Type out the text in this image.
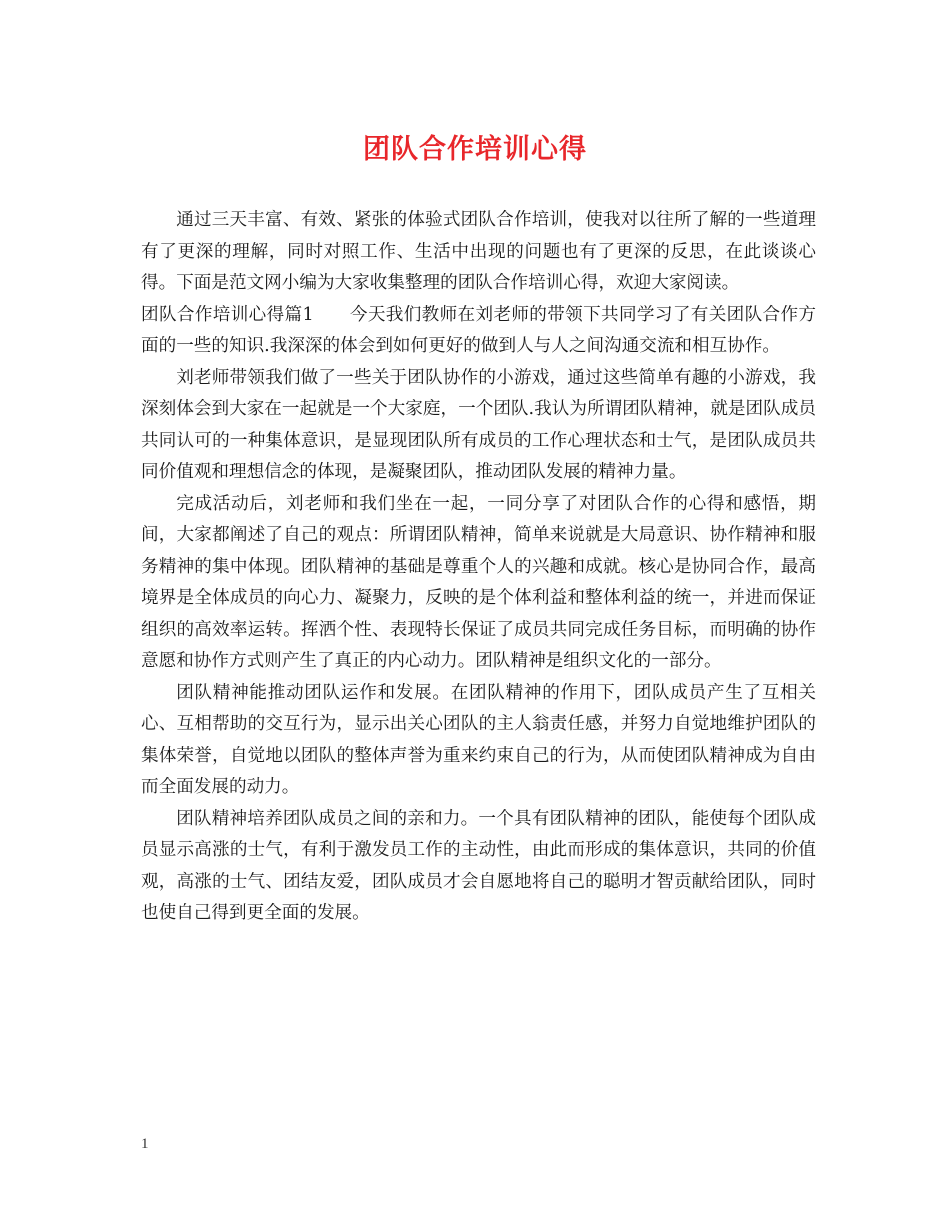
团队合作培训心得

通过三天丰富、有效、紧张的体验式团队合作培训，使我对以往所了解的一些道理有了更深的理解，同时对照工作、生活中出现的问题也有了更深的反思，在此谈谈心得。下面是范文网小编为大家收集整理的团队合作培训心得，欢迎大家阅读。

团队合作培训心得篇1　　今天我们教师在刘老师的带领下共同学习了有关团队合作方面的一些的知识.我深深的体会到如何更好的做到人与人之间沟通交流和相互协作。

刘老师带领我们做了一些关于团队协作的小游戏，通过这些简单有趣的小游戏，我深刻体会到大家在一起就是一个大家庭，一个团队.我认为所谓团队精神，就是团队成员共同认可的一种集体意识，是显现团队所有成员的工作心理状态和士气，是团队成员共同价值观和理想信念的体现，是凝聚团队，推动团队发展的精神力量。

完成活动后，刘老师和我们坐在一起，一同分享了对团队合作的心得和感悟，期间，大家都阐述了自己的观点：所谓团队精神，简单来说就是大局意识、协作精神和服务精神的集中体现。团队精神的基础是尊重个人的兴趣和成就。核心是协同合作，最高境界是全体成员的向心力、凝聚力，反映的是个体利益和整体利益的统一，并进而保证组织的高效率运转。挥洒个性、表现特长保证了成员共同完成任务目标，而明确的协作意愿和协作方式则产生了真正的内心动力。团队精神是组织文化的一部分。

团队精神能推动团队运作和发展。在团队精神的作用下，团队成员产生了互相关心、互相帮助的交互行为，显示出关心团队的主人翁责任感，并努力自觉地维护团队的集体荣誉，自觉地以团队的整体声誉为重来约束自己的行为，从而使团队精神成为自由而全面发展的动力。

团队精神培养团队成员之间的亲和力。一个具有团队精神的团队，能使每个团队成员显示高涨的士气，有利于激发员工作的主动性，由此而形成的集体意识，共同的价值观，高涨的士气、团结友爱，团队成员才会自愿地将自己的聪明才智贡献给团队，同时也使自己得到更全面的发展。

1
